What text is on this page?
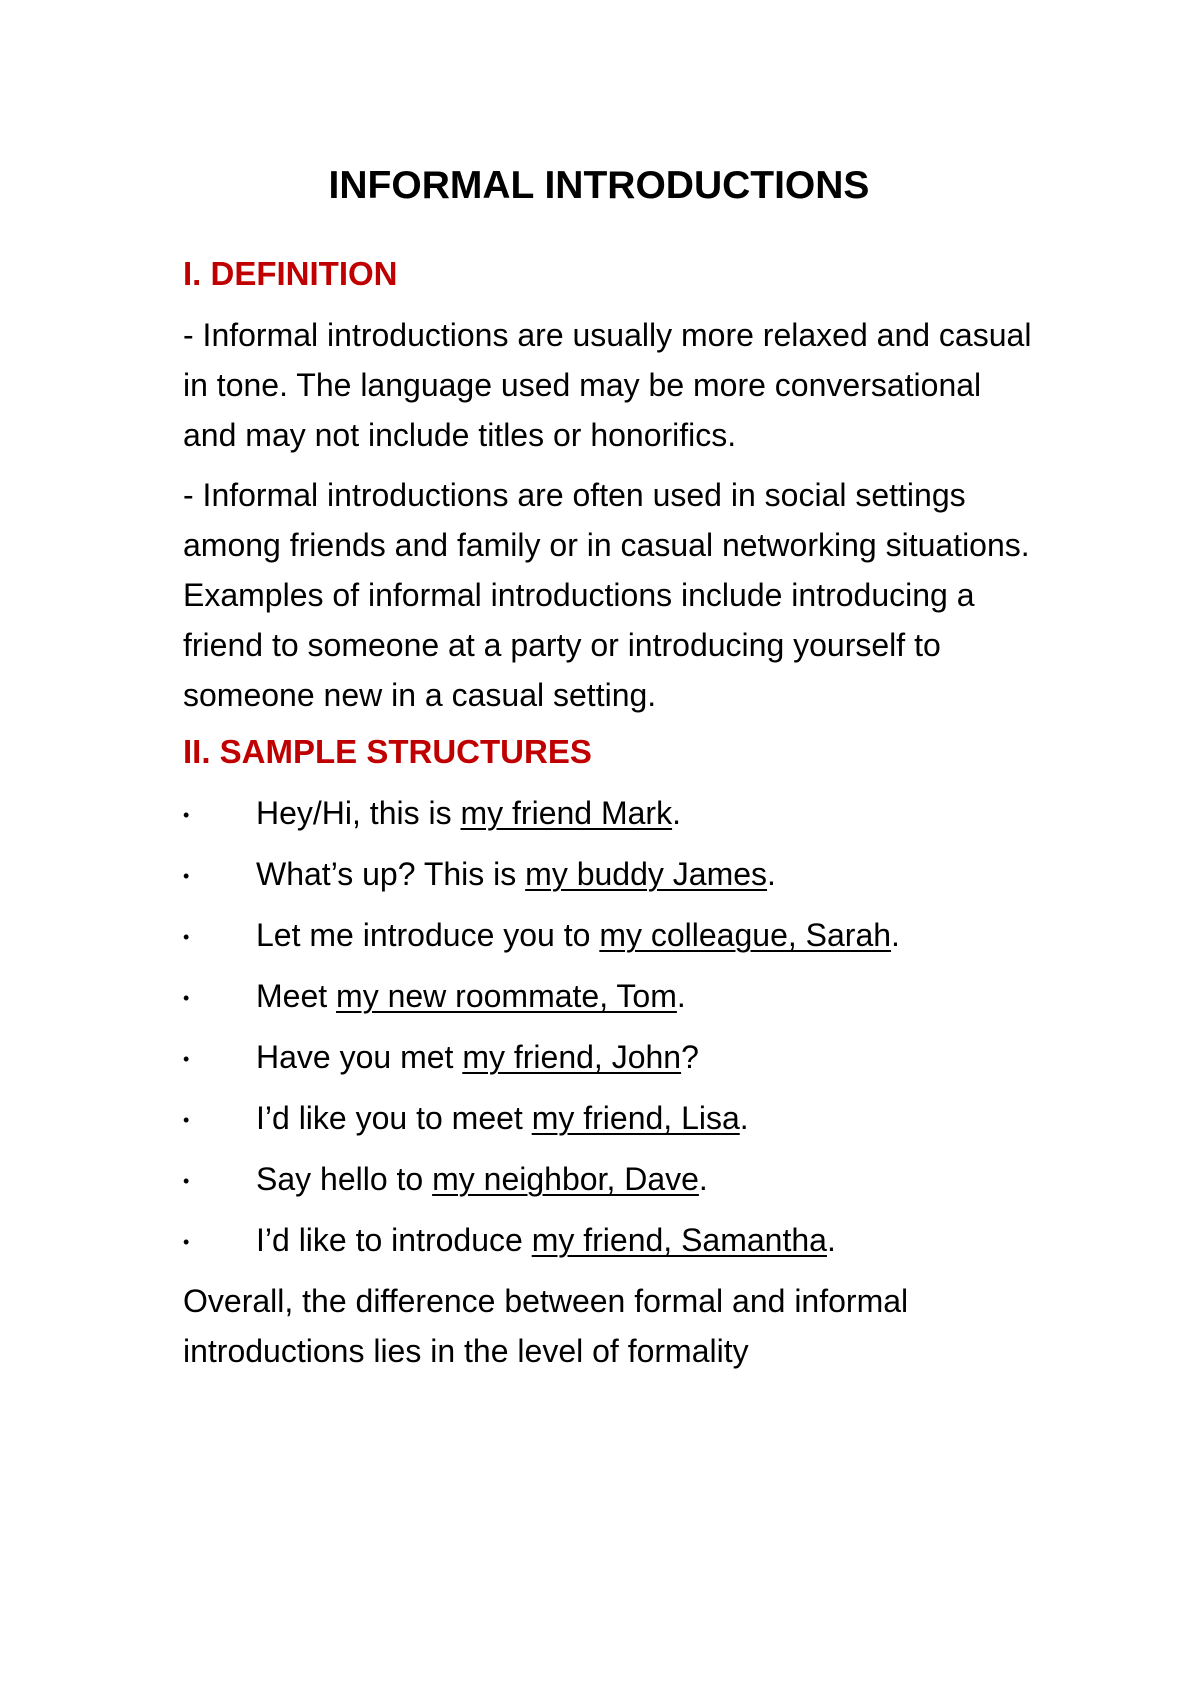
INFORMAL INTRODUCTIONS
I. DEFINITION

- Informal introductions are usually more relaxed and casual in tone. The language used may be more conversational and may not include titles or honorifics.

- Informal introductions are often used in social settings among friends and family or in casual networking situations. Examples of informal introductions include introducing a friend to someone at a party or introducing yourself to someone new in a casual setting.

II. SAMPLE STRUCTURES
• Hey/Hi, this is my friend Mark.
• What’s up? This is my buddy James.
• Let me introduce you to my colleague, Sarah.
• Meet my new roommate, Tom.
• Have you met my friend, John?
• I’d like you to meet my friend, Lisa.
• Say hello to my neighbor, Dave.
• I’d like to introduce my friend, Samantha.

Overall, the difference between formal and informal introductions lies in the level of formality
